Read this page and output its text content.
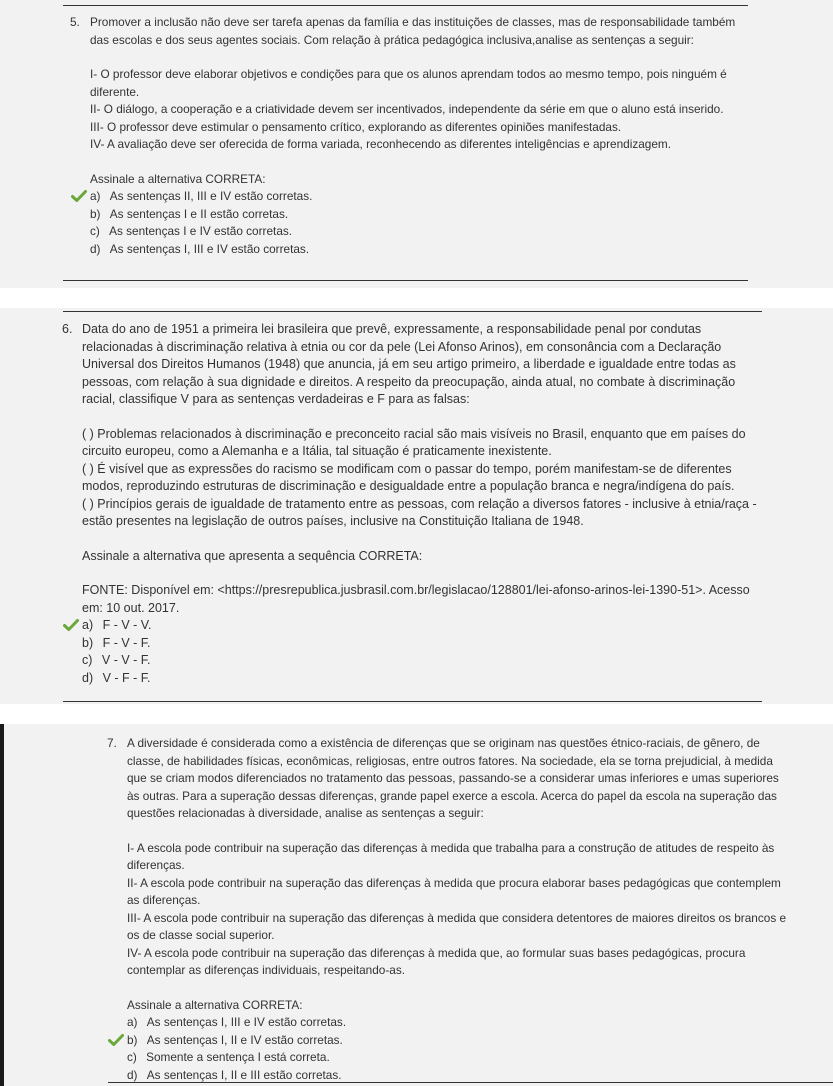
5. Promover a inclusão não deve ser tarefa apenas da família e das instituições de classes, mas de responsabilidade também das escolas e dos seus agentes sociais. Com relação à prática pedagógica inclusiva,analise as sentenças a seguir:

I- O professor deve elaborar objetivos e condições para que os alunos aprendam todos ao mesmo tempo, pois ninguém é diferente.

II- O diálogo, a cooperação e a criatividade devem ser incentivados, independente da série em que o aluno está inserido.

III- O professor deve estimular o pensamento crítico, explorando as diferentes opiniões manifestadas.

IV- A avaliação deve ser oferecida de forma variada, reconhecendo as diferentes inteligências e aprendizagem.

Assinale a alternativa CORRETA:

a) As sentenças II, III e IV estão corretas.
b) As sentenças I e II estão corretas.
c) As sentenças I e IV estão corretas.
d) As sentenças I, III e IV estão corretas.
6. Data do ano de 1951 a primeira lei brasileira que prevê, expressamente, a responsabilidade penal por condutas relacionadas à discriminação relativa à etnia ou cor da pele (Lei Afonso Arinos), em consonância com a Declaração Universal dos Direitos Humanos (1948) que anuncia, já em seu artigo primeiro, a liberdade e igualdade entre todas as pessoas, com relação à sua dignidade e direitos. A respeito da preocupação, ainda atual, no combate à discriminação racial, classifique V para as sentenças verdadeiras e F para as falsas:

( ) Problemas relacionados à discriminação e preconceito racial são mais visíveis no Brasil, enquanto que em países do circuito europeu, como a Alemanha e a Itália, tal situação é praticamente inexistente.

( ) É visível que as expressões do racismo se modificam com o passar do tempo, porém manifestam-se de diferentes modos, reproduzindo estruturas de discriminação e desigualdade entre a população branca e negra/indígena do país.

( ) Princípios gerais de igualdade de tratamento entre as pessoas, com relação a diversos fatores - inclusive à etnia/raça - estão presentes na legislação de outros países, inclusive na Constituição Italiana de 1948.

Assinale a alternativa que apresenta a sequência CORRETA:

FONTE: Disponível em: <https://presrepublica.jusbrasil.com.br/legislacao/128801/lei-afonso-arinos-lei-1390-51>. Acesso em: 10 out. 2017.

a) F - V - V.
b) F - V - F.
c) V - V - F.
d) V - F - F.
7. A diversidade é considerada como a existência de diferenças que se originam nas questões étnico-raciais, de gênero, de classe, de habilidades físicas, econômicas, religiosas, entre outros fatores. Na sociedade, ela se torna prejudicial, à medida que se criam modos diferenciados no tratamento das pessoas, passando-se a considerar umas inferiores e umas superiores às outras. Para a superação dessas diferenças, grande papel exerce a escola. Acerca do papel da escola na superação das questões relacionadas à diversidade, analise as sentenças a seguir:

I- A escola pode contribuir na superação das diferenças à medida que trabalha para a construção de atitudes de respeito às diferenças.

II- A escola pode contribuir na superação das diferenças à medida que procura elaborar bases pedagógicas que contemplem as diferenças.

III- A escola pode contribuir na superação das diferenças à medida que considera detentores de maiores direitos os brancos e os de classe social superior.

IV- A escola pode contribuir na superação das diferenças à medida que, ao formular suas bases pedagógicas, procura contemplar as diferenças individuais, respeitando-as.

Assinale a alternativa CORRETA:

a) As sentenças I, III e IV estão corretas.
b) As sentenças I, II e IV estão corretas.
c) Somente a sentença I está correta.
d) As sentenças I, II e III estão corretas.
